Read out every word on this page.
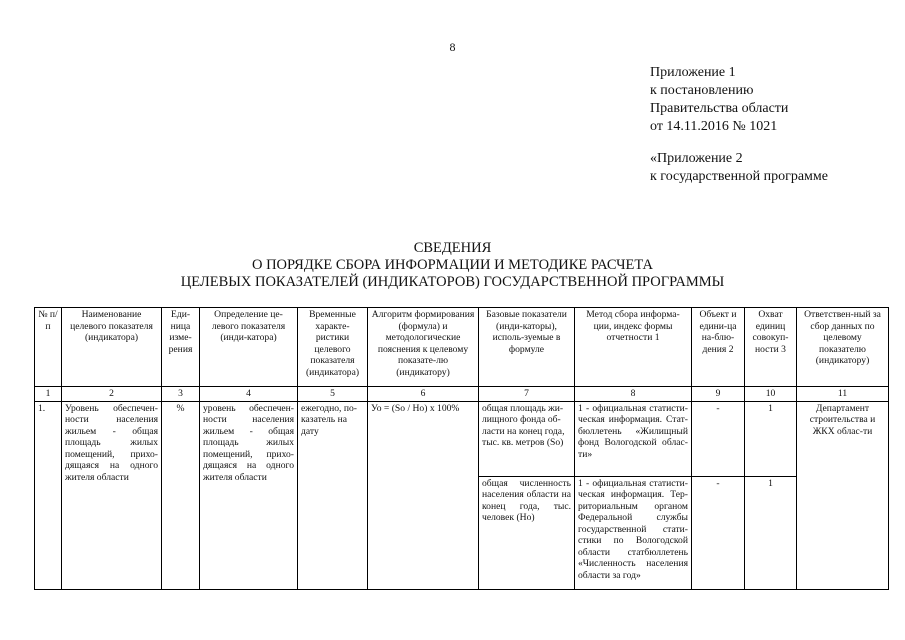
8
Приложение 1
к постановлению
Правительства области
от 14.11.2016 № 1021
«Приложение 2
к государственной программе
СВЕДЕНИЯ
О ПОРЯДКЕ СБОРА ИНФОРМАЦИИ И МЕТОДИКЕ РАСЧЕТА
ЦЕЛЕВЫХ ПОКАЗАТЕЛЕЙ (ИНДИКАТОРОВ) ГОСУДАРСТВЕННОЙ ПРОГРАММЫ
№ п/п	Наименование целевого показателя (индикатора)	Еди-ница изме-рения	Определение це-левого показателя (инди-катора)	Временные характе-ристики целевого показателя (индикатора)	Алгоритм формирования (формула) и методологические пояснения к целевому показате-лю (индикатору)	Базовые показатели (инди-каторы), исполь-зуемые в формуле	Метод сбора информа-ции, индекс формы отчетности 1	Объект и едини-ца на-блю-дения 2	Охват единиц совокуп-ности 3	Ответствен-ный за сбор данных по целевому показателю (индикатору)
1	2	3	4	5	6	7	8	9	10	11
1.	Уровень обеспечен-ности населения жильем - общая площадь жилых помещений, прихо-дящаяся на одного жителя области	%	уровень обеспечен-ности населения жильем - общая площадь жилых помещений, прихо-дящаяся на одного жителя области	ежегодно, по-казатель на дату	Уо = (Sо / Но) х 100%	общая площадь жи-лищного фонда об-ласти на конец года, тыс. кв. метров (Sо)	1 - официальная статисти-ческая информация. Стат-бюллетень «Жилищный фонд Вологодской облас-ти»	-	1	Департамент строительства и ЖКХ облас-ти
						общая численность населения области на конец года, тыс. человек (Но)	1 - официальная статисти-ческая информация. Тер-риториальным органом Федеральной службы государственной стати-стики по Вологодской области статбюллетень «Численность населения области за год»	-	1	
